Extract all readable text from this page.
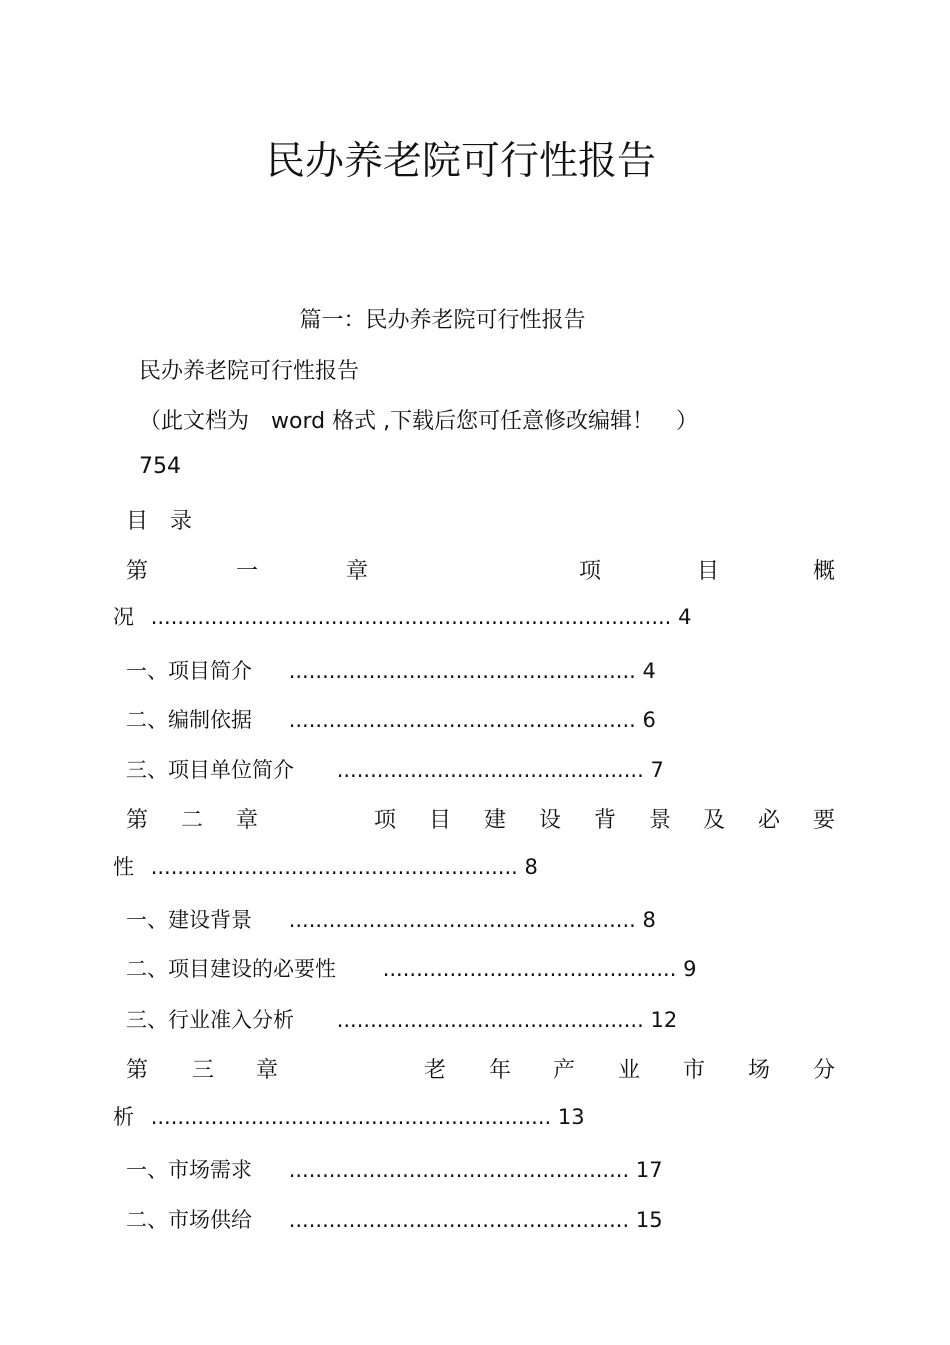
民办养老院可行性报告
篇一：民办养老院可行性报告
民办养老院可行性报告
（此文档为　word 格式 ,下载后您可任意修改编辑！　）
754
目　录
第	一	章	项	目	概
况 .............................................................................. 4
一、项目简介 .................................................... 4
二、编制依据 .................................................... 6
三、项目单位简介 .............................................. 7
第 二 章	项 目 建 设 背 景 及 必 要
性 ....................................................... 8
一、建设背景 .................................................... 8
二、项目建设的必要性 ............................................ 9
三、行业准入分析 .............................................. 12
第 三 章	老 年 产 业 市 场 分
析 ............................................................ 13
一、市场需求 ................................................... 17
二、市场供给 ................................................... 15
